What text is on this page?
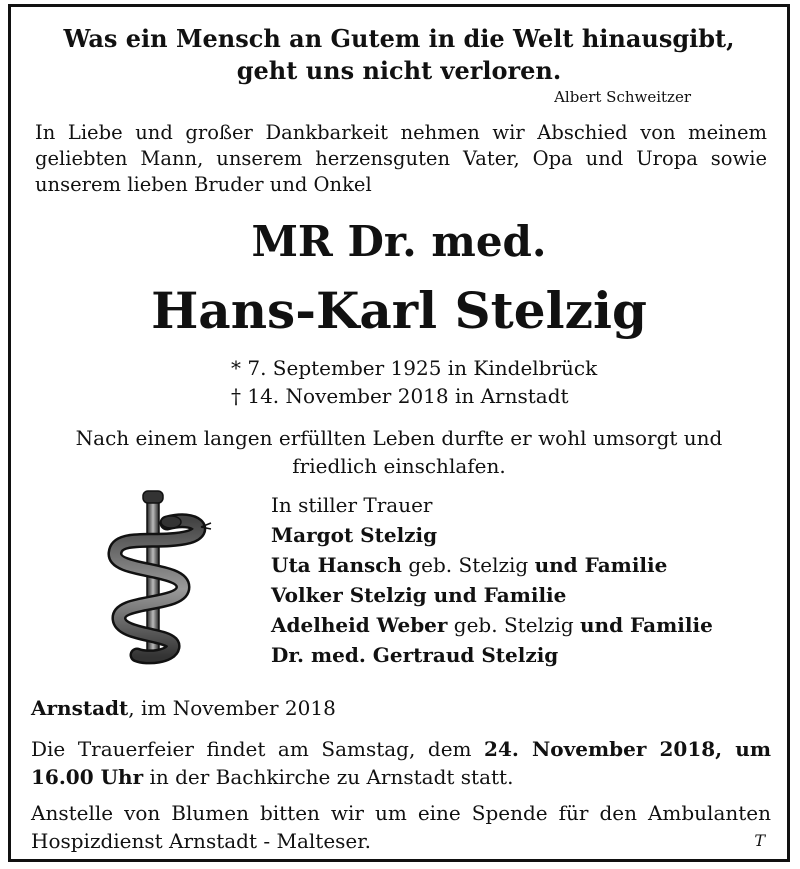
Was ein Mensch an Gutem in die Welt hinausgibt,
geht uns nicht verloren.
Albert Schweitzer
In Liebe und großer Dankbarkeit nehmen wir Abschied von meinem geliebten Mann, unserem herzensguten Vater, Opa und Uropa sowie unserem lieben Bruder und Onkel
MR Dr. med.
Hans-Karl Stelzig
* 7. September 1925 in Kindelbrück
† 14. November 2018 in Arnstadt
Nach einem langen erfüllten Leben durfte er wohl umsorgt und friedlich einschlafen.
In stiller Trauer
Margot Stelzig
Uta Hansch geb. Stelzig und Familie
Volker Stelzig und Familie
Adelheid Weber geb. Stelzig und Familie
Dr. med. Gertraud Stelzig
Arnstadt, im November 2018
Die Trauerfeier findet am Samstag, dem 24. November 2018, um 16.00 Uhr in der Bachkirche zu Arnstadt statt.
Anstelle von Blumen bitten wir um eine Spende für den Ambulanten Hospizdienst Arnstadt - Malteser.	T
